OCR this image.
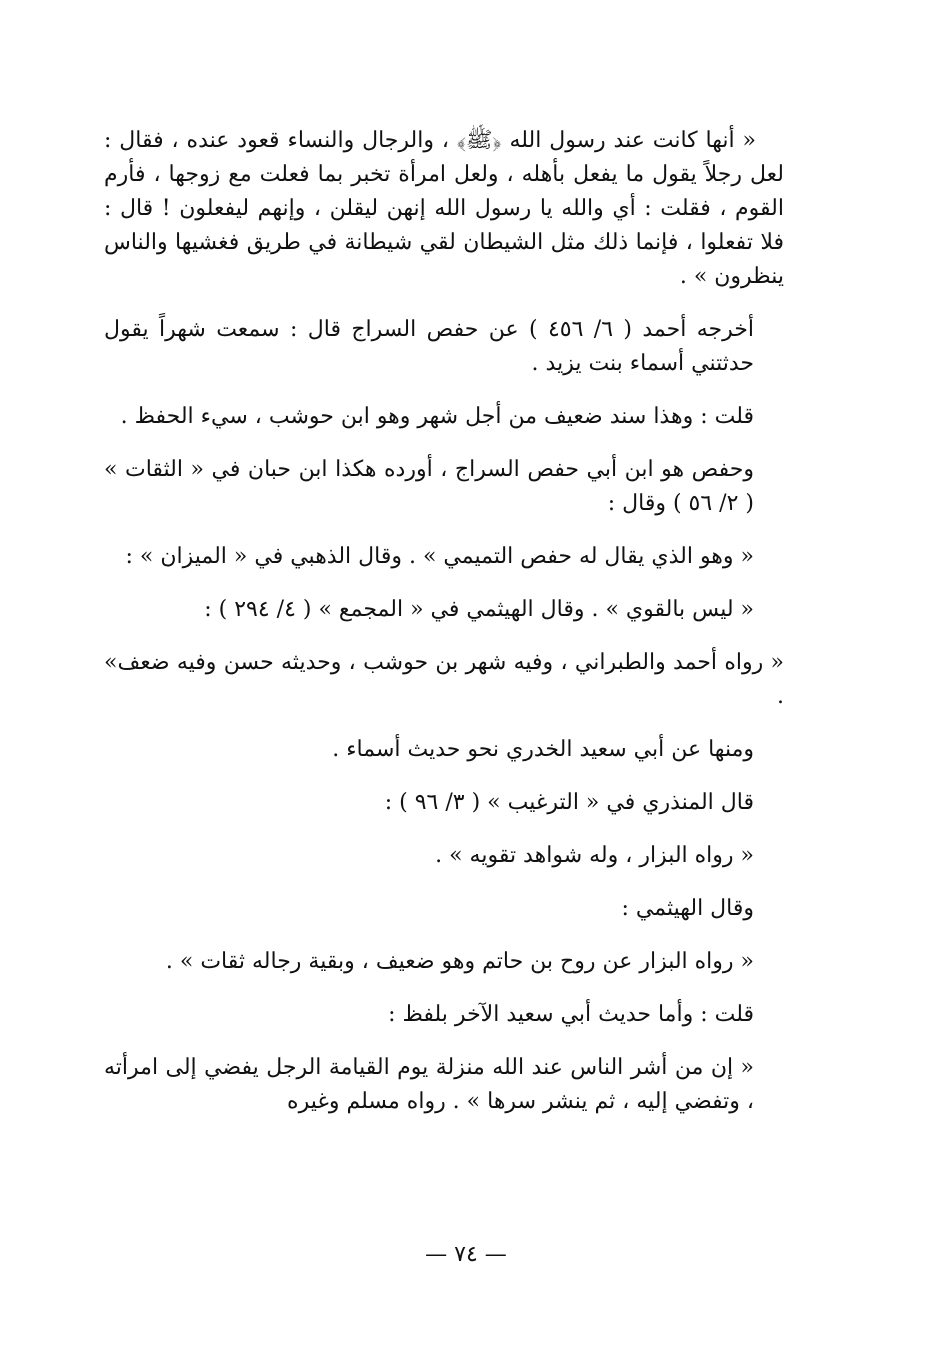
« أنها كانت عند رسول الله ﴿ﷺ﴾ ، والرجال والنساء قعود عنده ، فقال : لعل رجلاً يقول ما يفعل بأهله ، ولعل امرأة تخبر بما فعلت مع زوجها ، فأرم القوم ، فقلت : أي والله يا رسول الله إنهن ليقلن ، وإنهم ليفعلون ! قال : فلا تفعلوا ، فإنما ذلك مثل الشيطان لقي شيطانة في طريق فغشيها والناس ينظرون » .

أخرجه أحمد ( ٦/ ٤٥٦ ) عن حفص السراج قال : سمعت شهراً يقول حدثتني أسماء بنت يزيد .

قلت : وهذا سند ضعيف من أجل شهر وهو ابن حوشب ، سيء الحفظ .

وحفص هو ابن أبي حفص السراج ، أورده هكذا ابن حبان في « الثقات » ( ٢/ ٥٦ ) وقال :

« وهو الذي يقال له حفص التميمي » . وقال الذهبي في « الميزان » :

« ليس بالقوي » . وقال الهيثمي في « المجمع » ( ٤/ ٢٩٤ ) :

« رواه أحمد والطبراني ، وفيه شهر بن حوشب ، وحديثه حسن وفيه ضعف» .

ومنها عن أبي سعيد الخدري نحو حديث أسماء .

قال المنذري في « الترغيب » ( ٣/ ٩٦ ) :

« رواه البزار ، وله شواهد تقويه » .

وقال الهيثمي :

« رواه البزار عن روح بن حاتم وهو ضعيف ، وبقية رجاله ثقات » .

قلت : وأما حديث أبي سعيد الآخر بلفظ :

« إن من أشر الناس عند الله منزلة يوم القيامة الرجل يفضي إلى امرأته ، وتفضي إليه ، ثم ينشر سرها » . رواه مسلم وغيره

— ٧٤ —
